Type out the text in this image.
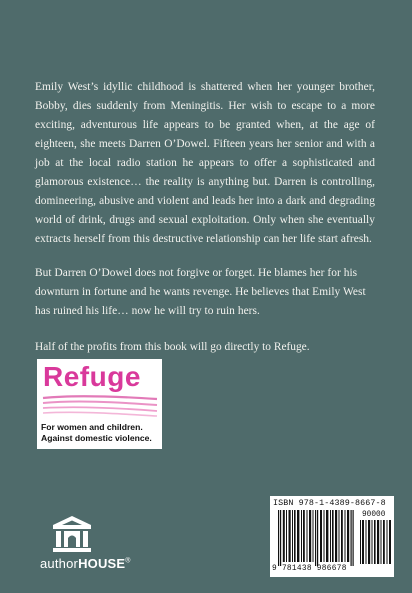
Emily West’s idyllic childhood is shattered when her younger brother, Bobby, dies suddenly from Meningitis. Her wish to escape to a more exciting, adventurous life appears to be granted when, at the age of eighteen, she meets Darren O’Dowel. Fifteen years her senior and with a job at the local radio station he appears to offer a sophisticated and glamorous existence… the reality is anything but. Darren is controlling, domineering, abusive and violent and leads her into a dark and degrading world of drink, drugs and sexual exploitation. Only when she eventually extracts herself from this destructive relationship can her life start afresh.

But Darren O’Dowel does not forgive or forget. He blames her for his downturn in fortune and he wants revenge. He believes that Emily West has ruined his life… now he will try to ruin hers.

Half of the profits from this book will go directly to Refuge.
Refuge
For women and children.
Against domestic violence.
authorHOUSE®
ISBN 978-1-4389-8667-8
90000
9 781438 986678
